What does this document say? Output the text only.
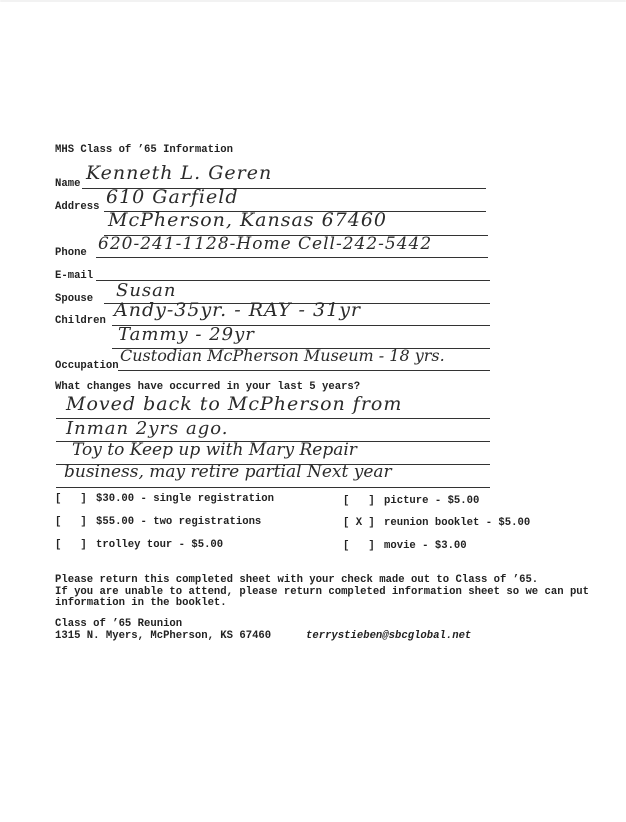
MHS Class of ’65 Information
Name Kenneth L. Geren
Address 610 Garfield
McPherson, Kansas 67460
Phone 620-241-1128-Home Cell-242-5442
E-mail
Spouse Susan
Children Andy-35yr. - RAY - 31yr
Tammy - 29yr
Occupation
Custodian McPherson Museum - 18 yrs.
What changes have occurred in your last 5 years?
Moved back to McPherson from
Inman 2yrs ago.
Toy to Keep up with Mary Repair
business, may retire partial Next year
[   ] $30.00 - single registration
[   ] $55.00 - two registrations
[   ] trolley tour - $5.00
[   ] picture - $5.00
[ X ] reunion booklet - $5.00
[   ] movie - $3.00
Please return this completed sheet with your check made out to Class of ’65.
If you are unable to attend, please return completed information sheet so we can put
information in the booklet.
Class of ’65 Reunion
1315 N. Myers, McPherson, KS 67460	terrystieben@sbcglobal.net
